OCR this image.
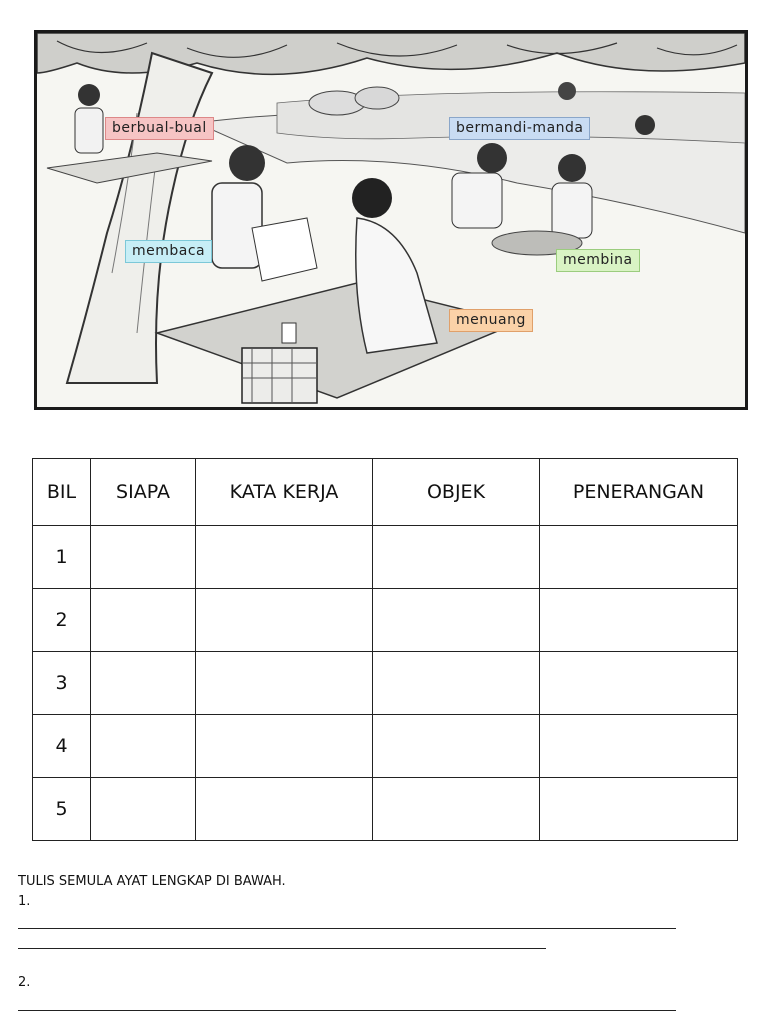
berbual-bual	bermandi-manda
membaca
membina
menuang
BIL	SIAPA	KATA KERJA	OBJEK	PENERANGAN
1				
2				
3				
4				
5				
TULIS SEMULA AYAT LENGKAP DI BAWAH.
1.
2.
